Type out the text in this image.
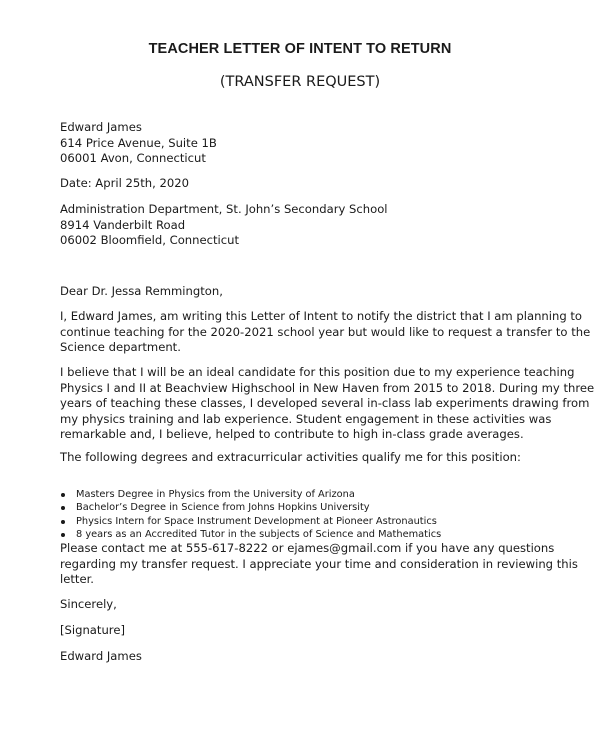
TEACHER LETTER OF INTENT TO RETURN
(TRANSFER REQUEST)
Edward James
614 Price Avenue, Suite 1B
06001 Avon, Connecticut
Date: April 25th, 2020
Administration Department, St. John’s Secondary School
8914 Vanderbilt Road
06002 Bloomfield, Connecticut
Dear Dr. Jessa Remmington,
I, Edward James, am writing this Letter of Intent to notify the district that I am planning to
continue teaching for the 2020-2021 school year but would like to request a transfer to the
Science department.
I believe that I will be an ideal candidate for this position due to my experience teaching
Physics I and II at Beachview Highschool in New Haven from 2015 to 2018. During my three
years of teaching these classes, I developed several in-class lab experiments drawing from
my physics training and lab experience. Student engagement in these activities was
remarkable and, I believe, helped to contribute to high in-class grade averages.
The following degrees and extracurricular activities qualify me for this position:
Masters Degree in Physics from the University of Arizona
Bachelor’s Degree in Science from Johns Hopkins University
Physics Intern for Space Instrument Development at Pioneer Astronautics
8 years as an Accredited Tutor in the subjects of Science and Mathematics
Please contact me at 555-617-8222 or ejames@gmail.com if you have any questions
regarding my transfer request. I appreciate your time and consideration in reviewing this
letter.
Sincerely,
[Signature]
Edward James
